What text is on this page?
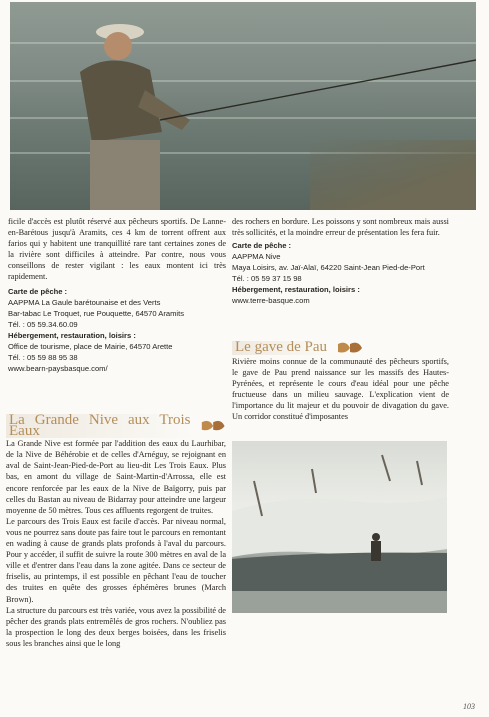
ficile d'accès est plutôt réservé aux pêcheurs sportifs. De Lanne-en-Barétous jusqu'à Aramits, ces 4 km de torrent offrent aux farios qui y habitent une tranquillité rare tant certaines zones de la rivière sont difficiles à atteindre. Par contre, nous vous conseillons de rester vigilant : les eaux montent ici très rapidement.

Carte de pêche :
AAPPMA La Gaule barétounaise et des Verts
Bar-tabac Le Troquet, rue Pouquette, 64570 Aramits
Tél. : 05 59.34.60.09
Hébergement, restauration, loisirs :
Office de tourisme, place de Mairie, 64570 Arette
Tél. : 05 59 88 95 38
www.bearn-paysbasque.com/

des rochers en bordure. Les poissons y sont nombreux mais aussi très sollicités, et la moindre erreur de présentation les fera fuir.

Carte de pêche :
AAPPMA Nive
Maya Loisirs, av. Jaï-Alaï, 64220 Saint-Jean Pied-de-Port
Tél. : 05 59 37 15 98
Hébergement, restauration, loisirs :
www.terre-basque.com
Le gave de Pau

Rivière moins connue de la communauté des pêcheurs sportifs, le gave de Pau prend naissance sur les massifs des Hautes-Pyrénées, et représente le cours d'eau idéal pour une pêche fructueuse dans un milieu sauvage. L'explication vient de l'importance du lit majeur et du pouvoir de divagation du gave. Un corridor constitué d'imposantes

La Grande Nive aux Trois Eaux

La Grande Nive est formée par l'addition des eaux du Laurhibar, de la Nive de Béhérobie et de celles d'Arnéguy, se rejoignant en aval de Saint-Jean-Pied-de-Port au lieu-dit Les Trois Eaux. Plus bas, en amont du village de Saint-Martin-d'Arrossa, elle est encore renforcée par les eaux de la Nive de Baïgorry, puis par celles du Bastan au niveau de Bidarray pour atteindre une largeur moyenne de 50 mètres. Tous ces affluents regorgent de truites.

Le parcours des Trois Eaux est facile d'accès. Par niveau normal, vous ne pourrez sans doute pas faire tout le parcours en remontant en wading à cause de grands plats profonds à l'aval du parcours. Pour y accéder, il suffit de suivre la route 300 mètres en aval de la ville et d'entrer dans l'eau dans la zone agitée. Dans ce secteur de friselis, au printemps, il est possible en pêchant l'eau de toucher des truites en quête des grosses éphémères brunes (March Brown).

La structure du parcours est très variée, vous avez la possibilité de pêcher des grands plats entremêlés de gros rochers. N'oubliez pas la prospection le long des deux berges boisées, dans les friselis sous les branches ainsi que le long

103
